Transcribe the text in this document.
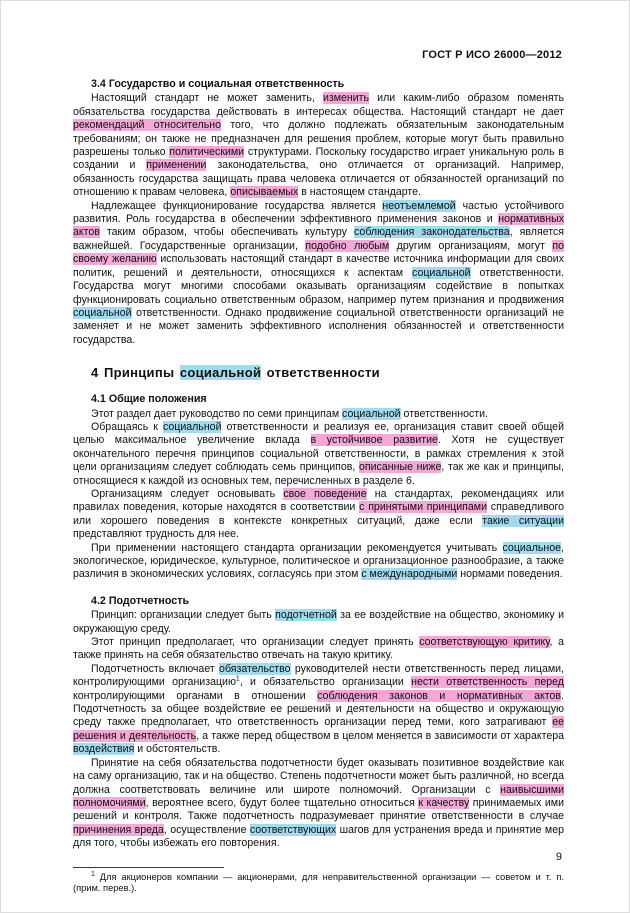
ГОСТ Р ИСО 26000—2012

3.4 Государство и социальная ответственность

Настоящий стандарт не может заменить, изменить или каким-либо образом поменять обязательства государства действовать в интересах общества. Настоящий стандарт не дает рекомендаций относительно того, что должно подлежать обязательным законодательным требованиям; он также не предназначен для решения проблем, которые могут быть правильно разрешены только политическими структурами. Поскольку государство играет уникальную роль в создании и применении законодательства, оно отличается от организаций. Например, обязанность государства защищать права человека отличается от обязанностей организаций по отношению к правам человека, описываемых в настоящем стандарте.

Надлежащее функционирование государства является неотъемлемой частью устойчивого развития. Роль государства в обеспечении эффективного применения законов и нормативных актов таким образом, чтобы обеспечивать культуру соблюдения законодательства, является важнейшей. Государственные организации, подобно любым другим организациям, могут по своему желанию использовать настоящий стандарт в качестве источника информации для своих политик, решений и деятельности, относящихся к аспектам социальной ответственности. Государства могут многими способами оказывать организациям содействие в попытках функционировать социально ответственным образом, например путем признания и продвижения социальной ответственности. Однако продвижение социальной ответственности организаций не заменяет и не может заменить эффективного исполнения обязанностей и ответственности государства.

4 Принципы социальной ответственности

4.1 Общие положения

Этот раздел дает руководство по семи принципам социальной ответственности.

Обращаясь к социальной ответственности и реализуя ее, организация ставит своей общей целью максимальное увеличение вклада в устойчивое развитие. Хотя не существует окончательного перечня принципов социальной ответственности, в рамках стремления к этой цели организациям следует соблюдать семь принципов, описанные ниже, так же как и принципы, относящиеся к каждой из основных тем, перечисленных в разделе 6.

Организациям следует основывать свое поведение на стандартах, рекомендациях или правилах поведения, которые находятся в соответствии с принятыми принципами справедливого или хорошего поведения в контексте конкретных ситуаций, даже если такие ситуации представляют трудность для нее.

При применении настоящего стандарта организации рекомендуется учитывать социальное, экологическое, юридическое, культурное, политическое и организационное разнообразие, а также различия в экономических условиях, согласуясь при этом с международными нормами поведения.

4.2 Подотчетность

Принцип: организации следует быть подотчетной за ее воздействие на общество, экономику и окружающую среду.

Этот принцип предполагает, что организации следует принять соответствующую критику, а также принять на себя обязательство отвечать на такую критику.

Подотчетность включает обязательство руководителей нести ответственность перед лицами, контролирующими организацию$^1$, и обязательство организации нести ответственность перед контролирующими органами в отношении соблюдения законов и нормативных актов. Подотчетность за общее воздействие ее решений и деятельности на общество и окружающую среду также предполагает, что ответственность организации перед теми, кого затрагивают ее решения и деятельность, а также перед обществом в целом меняется в зависимости от характера воздействия и обстоятельств.

Принятие на себя обязательства подотчетности будет оказывать позитивное воздействие как на саму организацию, так и на общество. Степень подотчетности может быть различной, но всегда должна соответствовать величине или широте полномочий. Организации с наивысшими полномочиями, вероятнее всего, будут более тщательно относиться к качеству принимаемых ими решений и контроля. Также подотчетность подразумевает принятие ответственности в случае причинения вреда, осуществление соответствующих шагов для устранения вреда и принятие мер для того, чтобы избежать его повторения.

$^1$ Для акционеров компании — акционерами, для неправительственной организации — советом и т. п. (прим. перев.).

9
